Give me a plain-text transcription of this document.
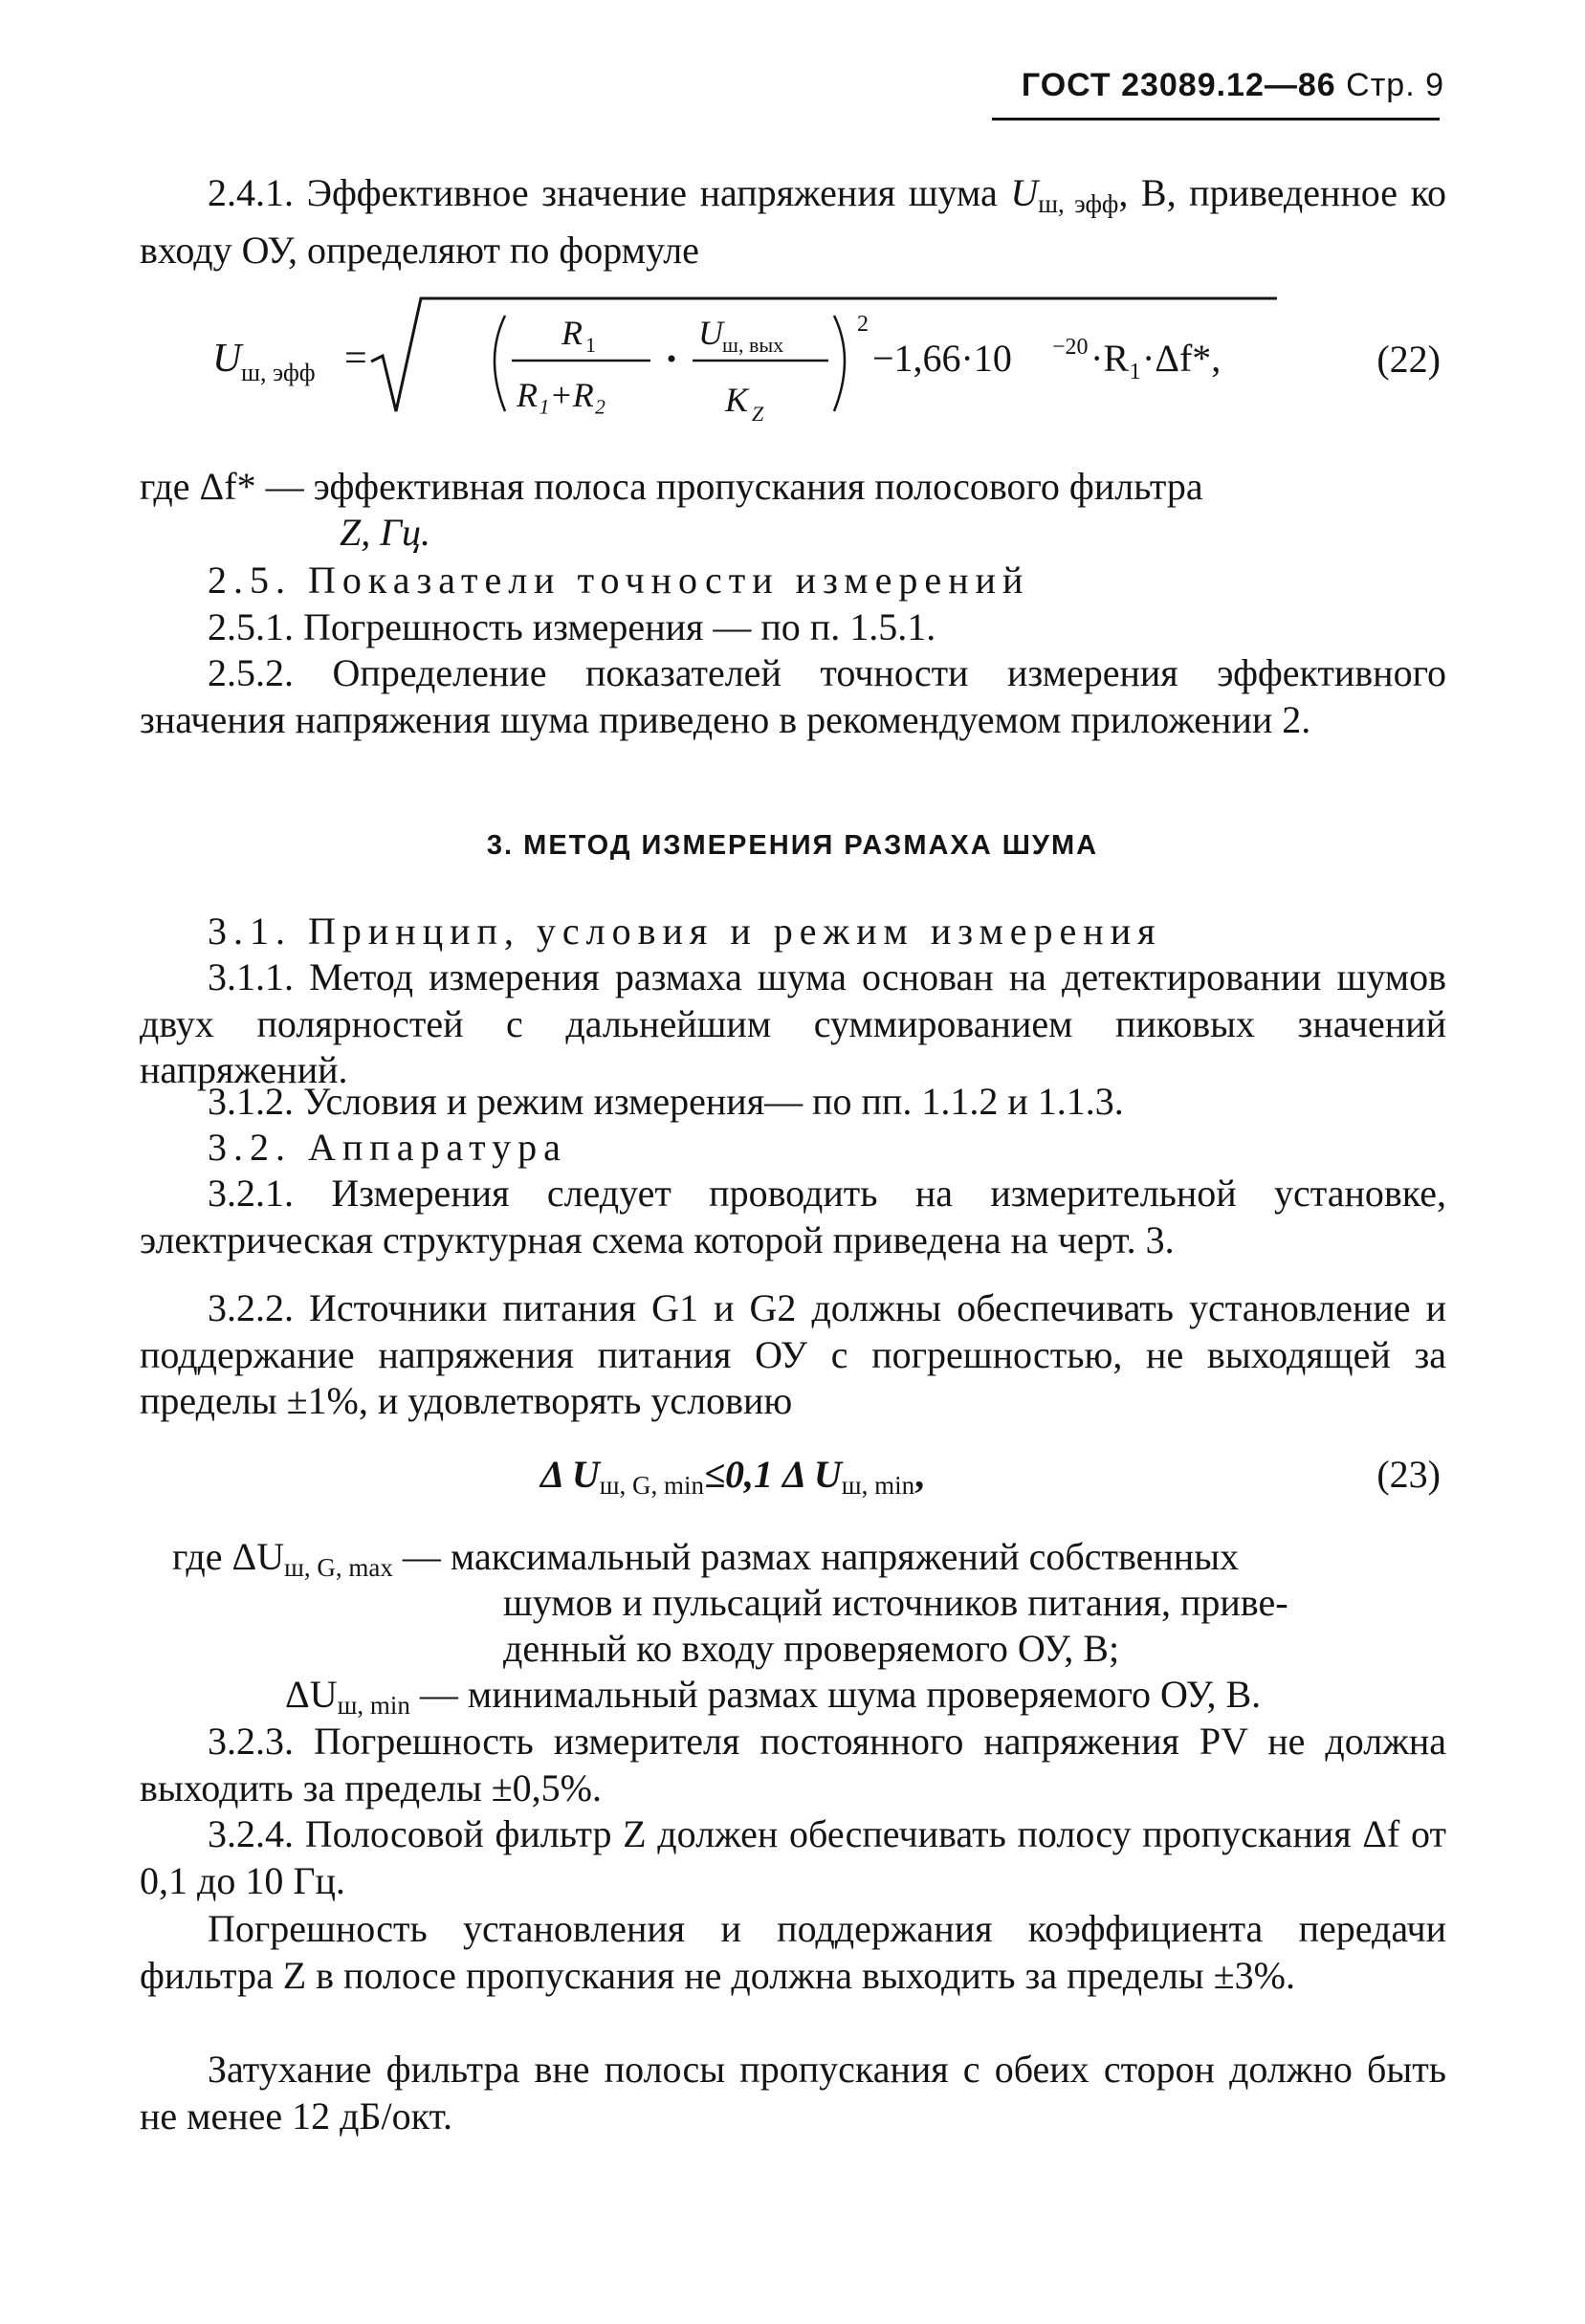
ГОСТ 23089.12—86 Стр. 9
2.4.1. Эффективное значение напряжения шума $U_{ш, эфф}$, В, приведенное ко входу ОУ, определяют по формуле
U ш, эфф =
R 1
R₁+R₂
U ш, вых
K Z
2
−1,66·10 −20 ·R₁·Δf*,	(22)
где Δf* — эффективная полоса пропускания полосового фильтра
Z, Гц.
2.5. Показатели точности измерений
2.5.1. Погрешность измерения — по п. 1.5.1.
2.5.2. Определение показателей точности измерения эффективного значения напряжения шума приведено в рекомендуемом приложении 2.
3. МЕТОД ИЗМЕРЕНИЯ РАЗМАХА ШУМА
3.1. Принцип, условия и режим измерения
3.1.1. Метод измерения размаха шума основан на детектировании шумов двух полярностей с дальнейшим суммированием пиковых значений напряжений.
3.1.2. Условия и режим измерения— по пп. 1.1.2 и 1.1.3.
3.2. Аппаратура
3.2.1. Измерения следует проводить на измерительной установке, электрическая структурная схема которой приведена на черт. 3.
3.2.2. Источники питания G1 и G2 должны обеспечивать установление и поддержание напряжения питания ОУ с погрешностью, не выходящей за пределы ±1%, и удовлетворять условию
Δ $U_{ш, G, min}\le 0,1$ Δ $U_{ш, min}$,	(23)
где $\Delta U_{ш, G, max}$ — максимальный размах напряжений собственных
шумов и пульсаций источников питания, приве-
денный ко входу проверяемого ОУ, В;
$\Delta U_{ш, min}$ — минимальный размах шума проверяемого ОУ, В.
3.2.3. Погрешность измерителя постоянного напряжения PV не должна выходить за пределы ±0,5%.
3.2.4. Полосовой фильтр Z должен обеспечивать полосу пропускания Δf от 0,1 до 10 Гц.
Погрешность установления и поддержания коэффициента передачи фильтра Z в полосе пропускания не должна выходить за пределы ±3%.
Затухание фильтра вне полосы пропускания с обеих сторон должно быть не менее 12 дБ/окт.
